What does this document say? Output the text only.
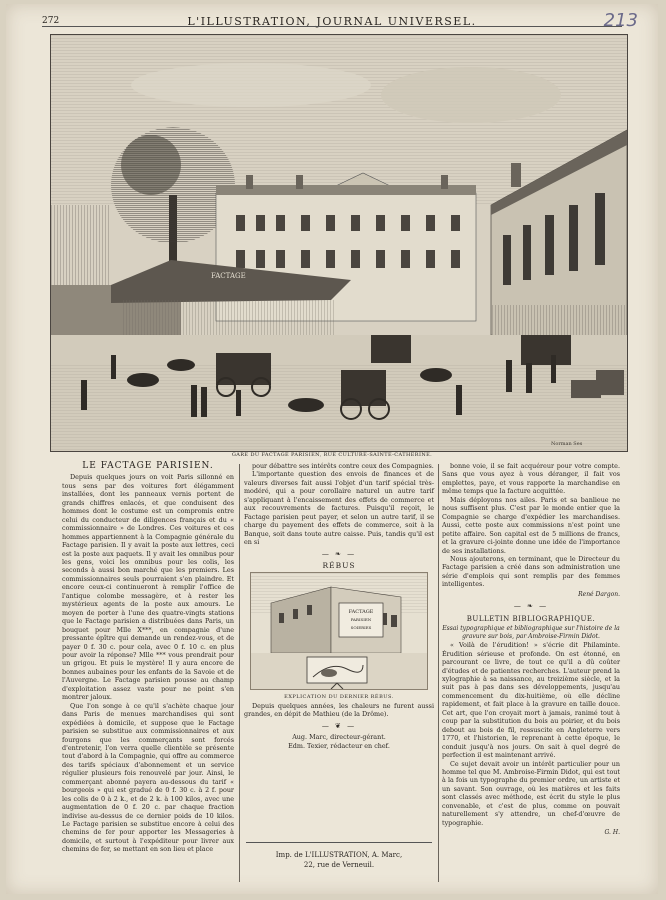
272	L'ILLUSTRATION, JOURNAL UNIVERSEL.	213
FACTAGE
Norman Ses
GARE DU FACTAGE PARISIEN, RUE CULTURE-SAINTE-CATHERINE.
LE FACTAGE PARISIEN.

Depuis quelques jours on voit Paris sillonné en tous sens par des voitures fort élégamment installées, dont les panneaux vernis portent de grands chiffres enlacés, et que conduisent des hommes dont le costume est un compromis entre celui du conducteur de diligences français et du « commissionnaire » de Londres. Ces voitures et ces hommes appartiennent à la Compagnie générale du Factage parisien. Il y avait la poste aux lettres, ceci est la poste aux paquets. Il y avait les omnibus pour les gens, voici les omnibus pour les colis, les seconds à aussi bon marché que les premiers. Les commissionnaires seuls pourraient s'en plaindre. Et encore ceux-ci continueront à remplir l'office de l'antique colombe messagère, et à rester les mystérieux agents de la poste aux amours. Le moyen de porter à l'une des quatre-vingts stations que le Factage parisien a distribuées dans Paris, un bouquet pour Mlle X***, en compagnie d'une pressante épître qui demande un rendez-vous, et de payer 0 f. 30 c. pour cela, avec 0 f. 10 c. en plus pour avoir la réponse? Mlle *** vous prendrait pour un grigou. Et puis le mystère! Il y aura encore de bonnes aubaines pour les enfants de la Savoie et de l'Auvergne. Le Factage parisien pousse au champ d'exploitation assez vaste pour ne point s'en montrer jaloux.

Que l'on songe à ce qu'il s'achète chaque jour dans Paris de menues marchandises qui sont expédiées à domicile, et suppose que le Factage parisien se substitue aux commissionnaires et aux fourgons que les commerçants sont forcés d'entretenir, l'on verra quelle clientèle se présente tout d'abord à la Compagnie, qui offre au commerce des tarifs spéciaux d'abonnement et un service régulier plusieurs fois renouvelé par jour. Ainsi, le commerçant abonné payera au-dessous du tarif « bourgeois » qui est gradué de 0 f. 30 c. à 2 f. pour les colis de 0 à 2 k., et de 2 k. à 100 kilos, avec une augmentation de 0 f. 20 c. par chaque fraction indivise au-dessus de ce dernier poids de 10 kilos. Le Factage parisien se substitue encore à celui des chemins de fer pour apporter les Messageries à domicile, et surtout à l'expéditeur pour livrer aux chemins de fer, se mettant en son lieu et place

pour débattre ses intérêts contre ceux des Compagnies.

L'importante question des envois de finances et de valeurs diverses fait aussi l'objet d'un tarif spécial très-modéré, qui a pour corollaire naturel un autre tarif s'appliquant à l'encaissement des effets de commerce et aux recouvrements de factures. Puisqu'il reçoit, le Factage parisien peut payer, et selon un autre tarif, il se charge du payement des effets de commerce, soit à la Banque, soit dans toute autre caisse. Puis, tandis qu'il est en si

— ❧ —
RÉBUS
FACTAGE
PARISIEN
SOIERIES
EXPLICATION DU DERNIER RÉBUS.

Depuis quelques années, les chaleurs ne furent aussi grandes, en dépit de Mathieu (de la Drôme).

— ❦ —
Aug. Marc, directeur-gérant.
Edm. Texier, rédacteur en chef.
Imp. de L'ILLUSTRATION, A. Marc,
22, rue de Verneuil.

bonne voie, il se fait acquéreur pour votre compte. Sans que vous ayez à vous déranger, il fait vos emplettes, paye, et vous rapporte la marchandise en même temps que la facture acquittée.

Mais déployons nos ailes. Paris et sa banlieue ne nous suffisent plus. C'est par le monde entier que la Compagnie se charge d'expédier les marchandises. Aussi, cette poste aux commissions n'est point une petite affaire. Son capital est de 5 millions de francs, et la gravure ci-jointe donne une idée de l'importance de ses installations.

Nous ajouterons, en terminant, que le Directeur du Factage parisien a créé dans son administration une série d'emplois qui sont remplis par des femmes intelligentes.

René Dargon.
— ❧ —
BULLETIN BIBLIOGRAPHIQUE.
Essai typographique et bibliographique sur l'histoire de la gravure sur bois, par Ambroise-Firmin Didot.

« Voilà de l'érudition! » s'écrie dit Philaminte. Érudition sérieuse et profonde. On est étonné, en parcourant ce livre, de tout ce qu'il a dû coûter d'études et de patientes recherches. L'auteur prend la xylographie à sa naissance, au treizième siècle, et la suit pas à pas dans ses développements, jusqu'au commencement du dix-huitième, où elle décline rapidement, et fait place à la gravure en taille douce. Cet art, que l'on croyait mort à jamais, ranimé tout à coup par la substitution du bois au poirier, et du bois debout au bois de fil, ressuscite en Angleterre vers 1770, et l'historien, le reprenant à cette époque, le conduit jusqu'à nos jours. On sait à quel degré de perfection il est maintenant arrivé.

Ce sujet devait avoir un intérêt particulier pour un homme tel que M. Ambroise-Firmin Didot, qui est tout à la fois un typographe du premier ordre, un artiste et un savant. Son ouvrage, où les matières et les faits sont classés avec méthode, est écrit du style le plus convenable, et c'est de plus, comme on pouvait naturellement s'y attendre, un chef-d'œuvre de typographie.

G. H.
